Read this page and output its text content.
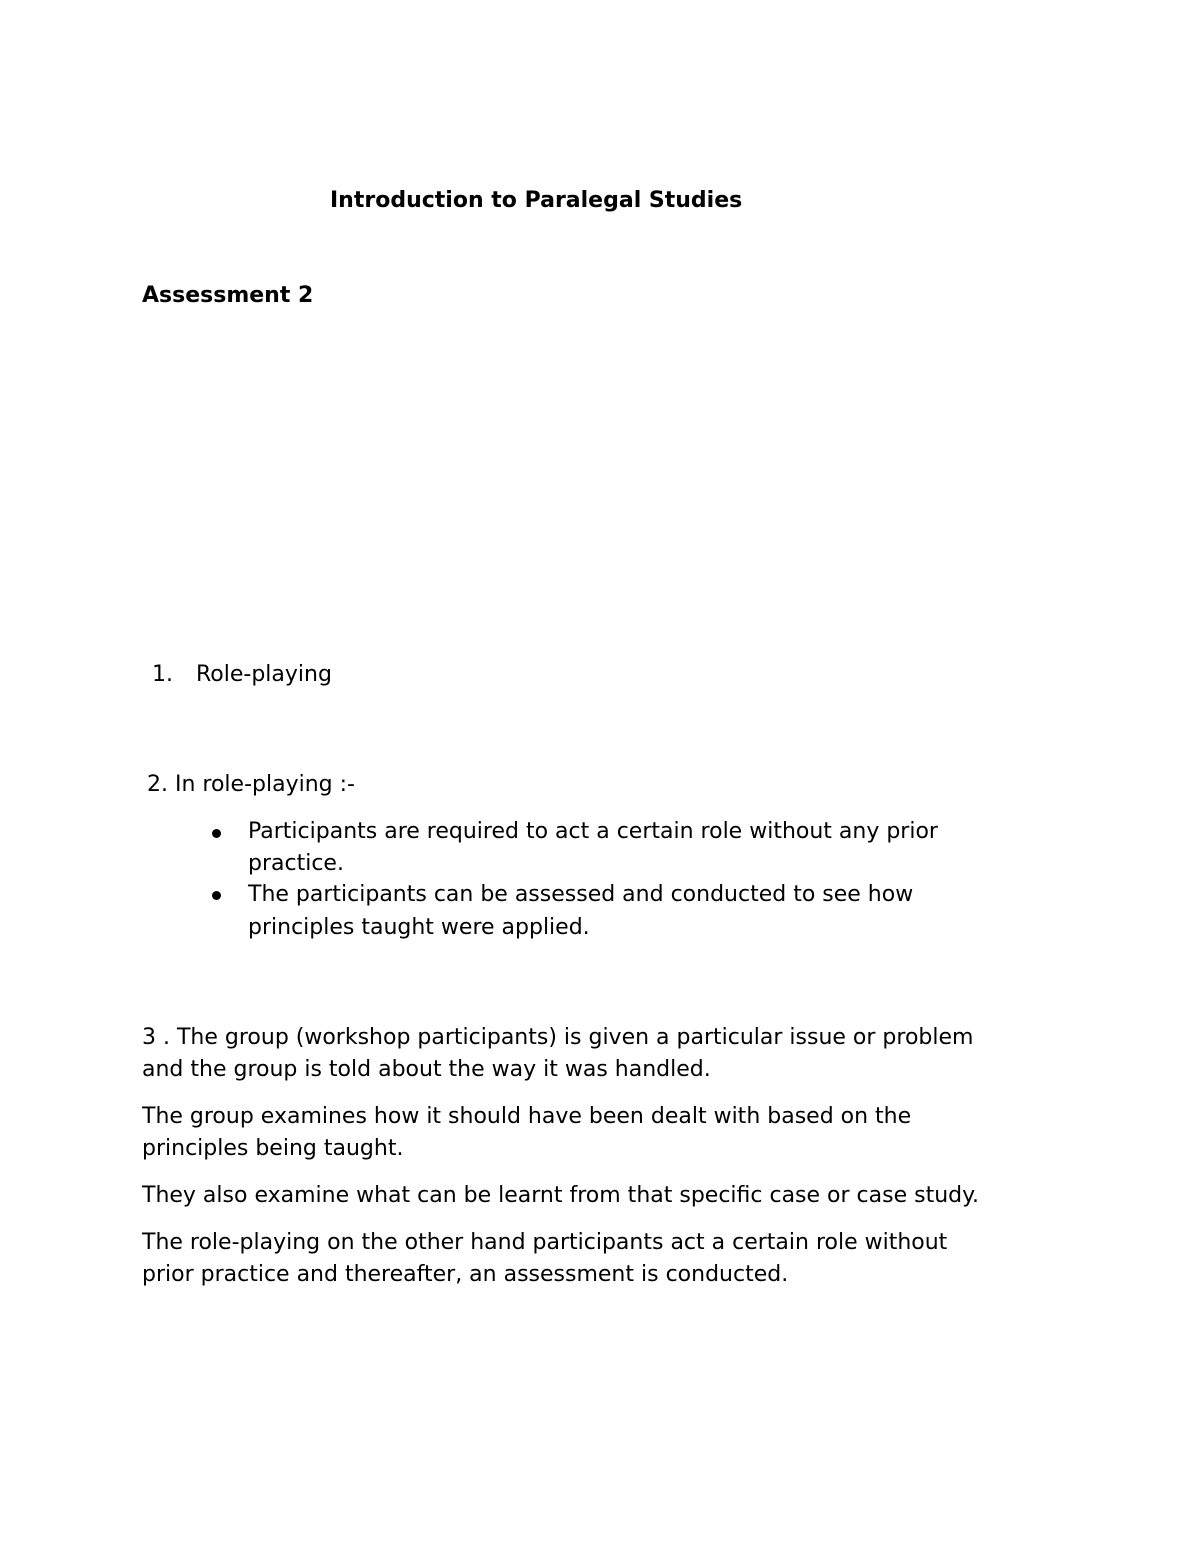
Introduction to Paralegal Studies
Assessment 2
1. Role-playing
2. In role-playing :-
Participants are required to act a certain role without any prior
practice.
The participants can be assessed and conducted to see how
principles taught were applied.
3 . The group (workshop participants) is given a particular issue or problem
and the group is told about the way it was handled.
The group examines how it should have been dealt with based on the
principles being taught.
They also examine what can be learnt from that specific case or case study.
The role-playing on the other hand participants act a certain role without
prior practice and thereafter, an assessment is conducted.
